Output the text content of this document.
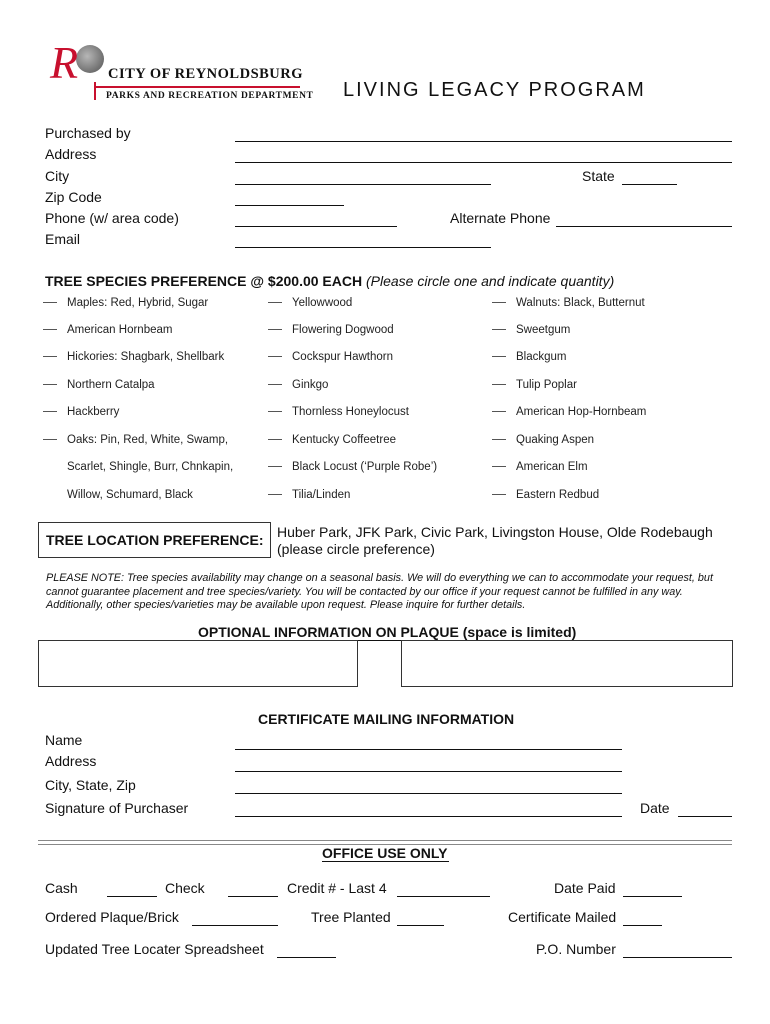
R CITY OF REYNOLDSBURG
PARKS AND RECREATION DEPARTMENT LIVING LEGACY PROGRAM
Purchased by
Address
City	State
Zip Code
Phone (w/ area code)	Alternate Phone
Email
TREE SPECIES PREFERENCE @ $200.00 EACH (Please circle one and indicate quantity)
Maples: Red, Hybrid, Sugar
American Hornbeam
Hickories: Shagbark, Shellbark
Northern Catalpa
Hackberry
Oaks: Pin, Red, White, Swamp,
Scarlet, Shingle, Burr, Chnkapin,
Willow, Schumard, Black
Yellowwood
Flowering Dogwood
Cockspur Hawthorn
Ginkgo
Thornless Honeylocust
Kentucky Coffeetree
Black Locust (‘Purple Robe’)
Tilia/Linden
Walnuts: Black, Butternut
Sweetgum
Blackgum
Tulip Poplar
American Hop-Hornbeam
Quaking Aspen
American Elm
Eastern Redbud
TREE LOCATION PREFERENCE: Huber Park, JFK Park, Civic Park, Livingston House, Olde Rodebaugh
(please circle preference)
PLEASE NOTE: Tree species availability may change on a seasonal basis. We will do everything we can to accommodate your request, but cannot guarantee placement and tree species/variety. You will be contacted by our office if your request cannot be fulfilled in any way. Additionally, other species/varieties may be available upon request. Please inquire for further details.
OPTIONAL INFORMATION ON PLAQUE (space is limited)
CERTIFICATE MAILING INFORMATION
Name
Address
City, State, Zip
Signature of Purchaser	Date
OFFICE USE ONLY
Cash	Check	Credit # - Last 4	Date Paid
Ordered Plaque/Brick	Tree Planted	Certificate Mailed
Updated Tree Locater Spreadsheet	P.O. Number
